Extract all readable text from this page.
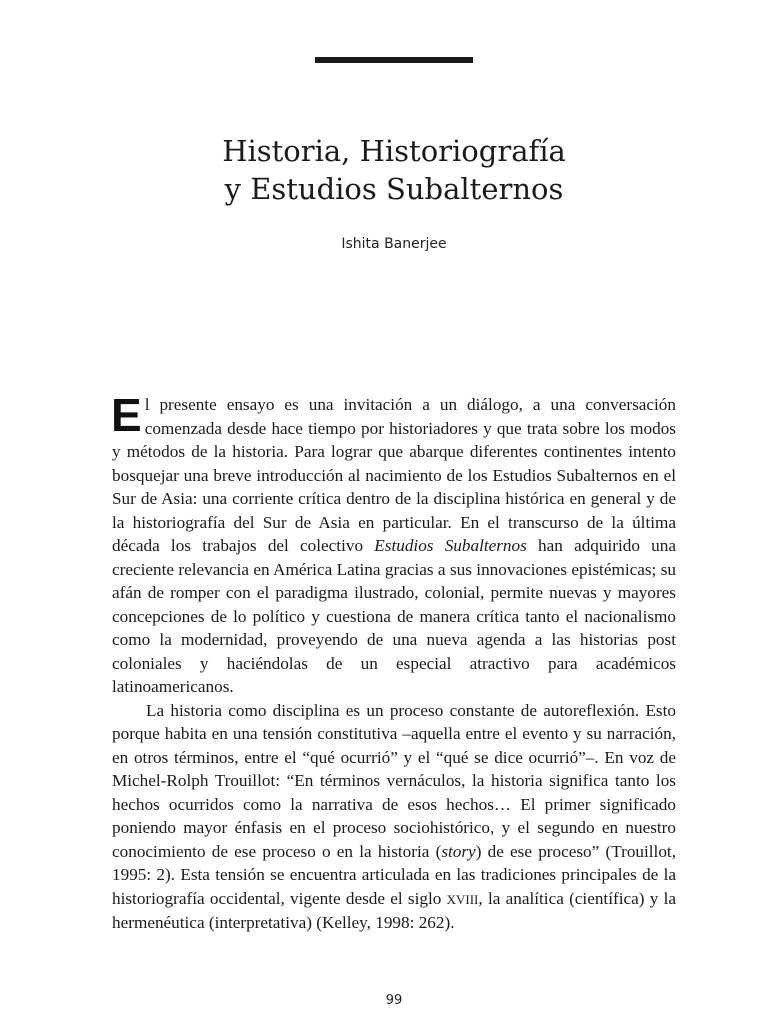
Historia, Historiografía
y Estudios Subalternos
Ishita Banerjee

El presente ensayo es una invitación a un diálogo, a una conversación comenzada desde hace tiempo por historiadores y que trata sobre los modos y métodos de la historia. Para lograr que abarque diferentes continentes intento bosquejar una breve introducción al nacimiento de los Estudios Subalternos en el Sur de Asia: una corriente crítica dentro de la disciplina histórica en general y de la historiografía del Sur de Asia en particular. En el transcurso de la última década los trabajos del colectivo Estudios Subalternos han adquirido una creciente relevancia en América Latina gracias a sus innovaciones epistémicas; su afán de romper con el paradigma ilustrado, colonial, permite nuevas y mayores concepciones de lo político y cuestiona de manera crítica tanto el nacionalismo como la modernidad, proveyendo de una nueva agenda a las historias post coloniales y haciéndolas de un especial atractivo para académicos latinoamericanos.

La historia como disciplina es un proceso constante de autoreflexión. Esto porque habita en una tensión constitutiva –aquella entre el evento y su narración, en otros términos, entre el “qué ocurrió” y el “qué se dice ocurrió”–. En voz de Michel-Rolph Trouillot: “En términos vernáculos, la historia significa tanto los hechos ocurridos como la narrativa de esos hechos… El primer significado poniendo mayor énfasis en el proceso sociohistórico, y el segundo en nuestro conocimiento de ese proceso o en la historia (story) de ese proceso” (Trouillot, 1995: 2). Esta tensión se encuentra articulada en las tradiciones principales de la historiografía occidental, vigente desde el siglo XVIII, la analítica (científica) y la hermenéutica (interpretativa) (Kelley, 1998: 262).

99
